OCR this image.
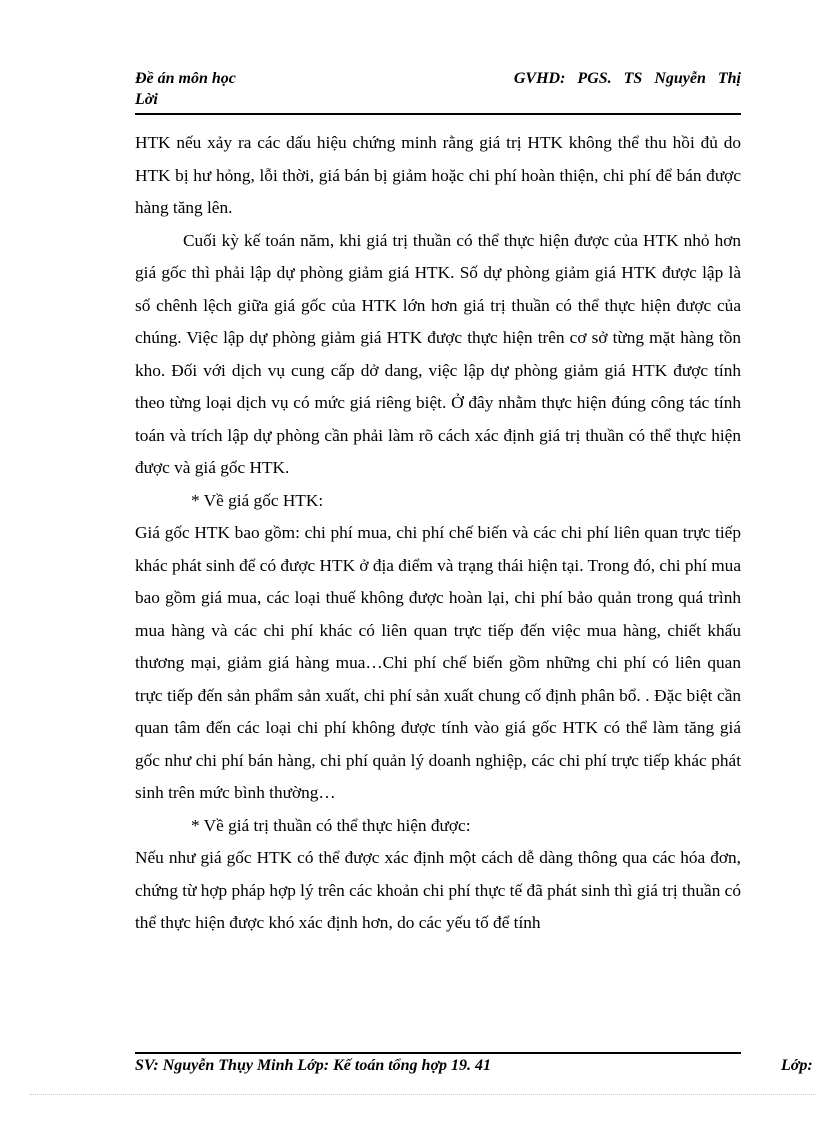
Đề án môn học
Lời
GVHD: PGS. TS Nguyễn Thị

HTK nếu xảy ra các dấu hiệu chứng minh rằng giá trị HTK không thể thu hồi đủ do HTK bị hư hỏng, lỗi thời, giá bán bị giảm hoặc chi phí hoàn thiện, chi phí để bán được hàng tăng lên.

Cuối kỳ kế toán năm, khi giá trị thuần có thể thực hiện được của HTK nhỏ hơn giá gốc thì phải lập dự phòng giảm giá HTK. Số dự phòng giảm giá HTK được lập là số chênh lệch giữa giá gốc của HTK lớn hơn giá trị thuần có thể thực hiện được của chúng. Việc lập dự phòng giảm giá HTK được thực hiện trên cơ sở từng mặt hàng tồn kho. Đối với dịch vụ cung cấp dở dang, việc lập dự phòng giảm giá HTK được tính theo từng loại dịch vụ có mức giá riêng biệt. Ở đây nhằm thực hiện đúng công tác tính toán và trích lập dự phòng cần phải làm rõ cách xác định giá trị thuần có thể thực hiện được và giá gốc HTK.

* Về giá gốc HTK:

Giá gốc HTK bao gồm: chi phí mua, chi phí chế biến và các chi phí liên quan trực tiếp khác phát sinh để có được HTK ở địa điểm và trạng thái hiện tại. Trong đó, chi phí mua bao gồm giá mua, các loại thuế không được hoàn lại, chi phí bảo quản trong quá trình mua hàng và các chi phí khác có liên quan trực tiếp đến việc mua hàng, chiết khấu thương mại, giảm giá hàng mua…Chi phí chế biến gồm những chi phí có liên quan trực tiếp đến sản phẩm sản xuất, chi phí sản xuất chung cố định phân bổ. . Đặc biệt cần quan tâm đến các loại chi phí không được tính vào giá gốc HTK có thể làm tăng giá gốc như chi phí bán hàng, chi phí quản lý doanh nghiệp, các chi phí trực tiếp khác phát sinh trên mức bình thường…

* Về giá trị thuần có thể thực hiện được:

Nếu như giá gốc HTK có thể được xác định một cách dễ dàng thông qua các hóa đơn, chứng từ hợp pháp hợp lý trên các khoản chi phí thực tế đã phát sinh thì giá trị thuần có thể thực hiện được khó xác định hơn, do các yếu tố để tính

SV: Nguyễn Thụy Minh Lớp: Kế toán tổng hợp 19. 41	Lớp:
